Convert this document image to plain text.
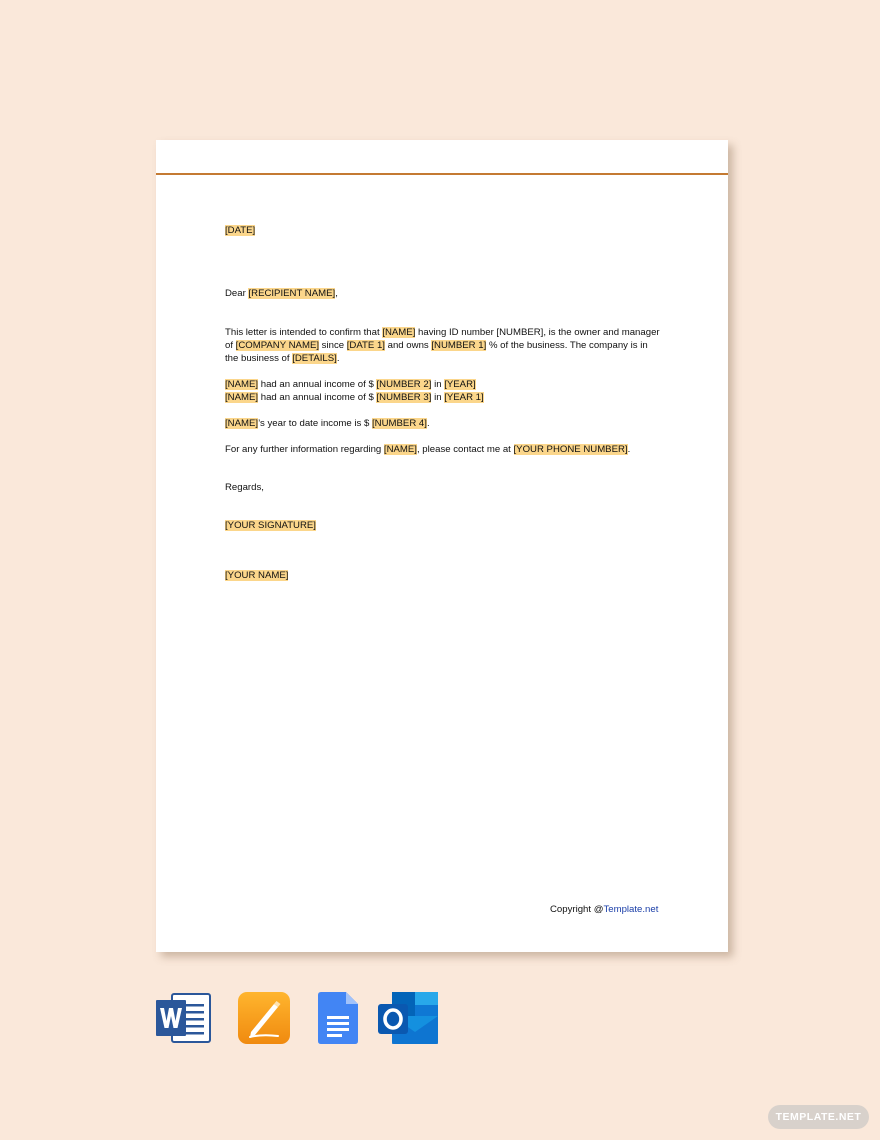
[DATE]
Dear [RECIPIENT NAME],

This letter is intended to confirm that [NAME] having ID number [NUMBER], is the owner and manager of [COMPANY NAME] since [DATE 1] and owns [NUMBER 1] % of the business. The company is in the business of [DETAILS].

[NAME] had an annual income of $ [NUMBER 2] in [YEAR]

[NAME] had an annual income of $ [NUMBER 3] in [YEAR 1]

[NAME]’s year to date income is $ [NUMBER 4].
For any further information regarding [NAME], please contact me at [YOUR PHONE NUMBER].
Regards,
[YOUR SIGNATURE]
[YOUR NAME]
Copyright @Template.net
TEMPLATE.NET
